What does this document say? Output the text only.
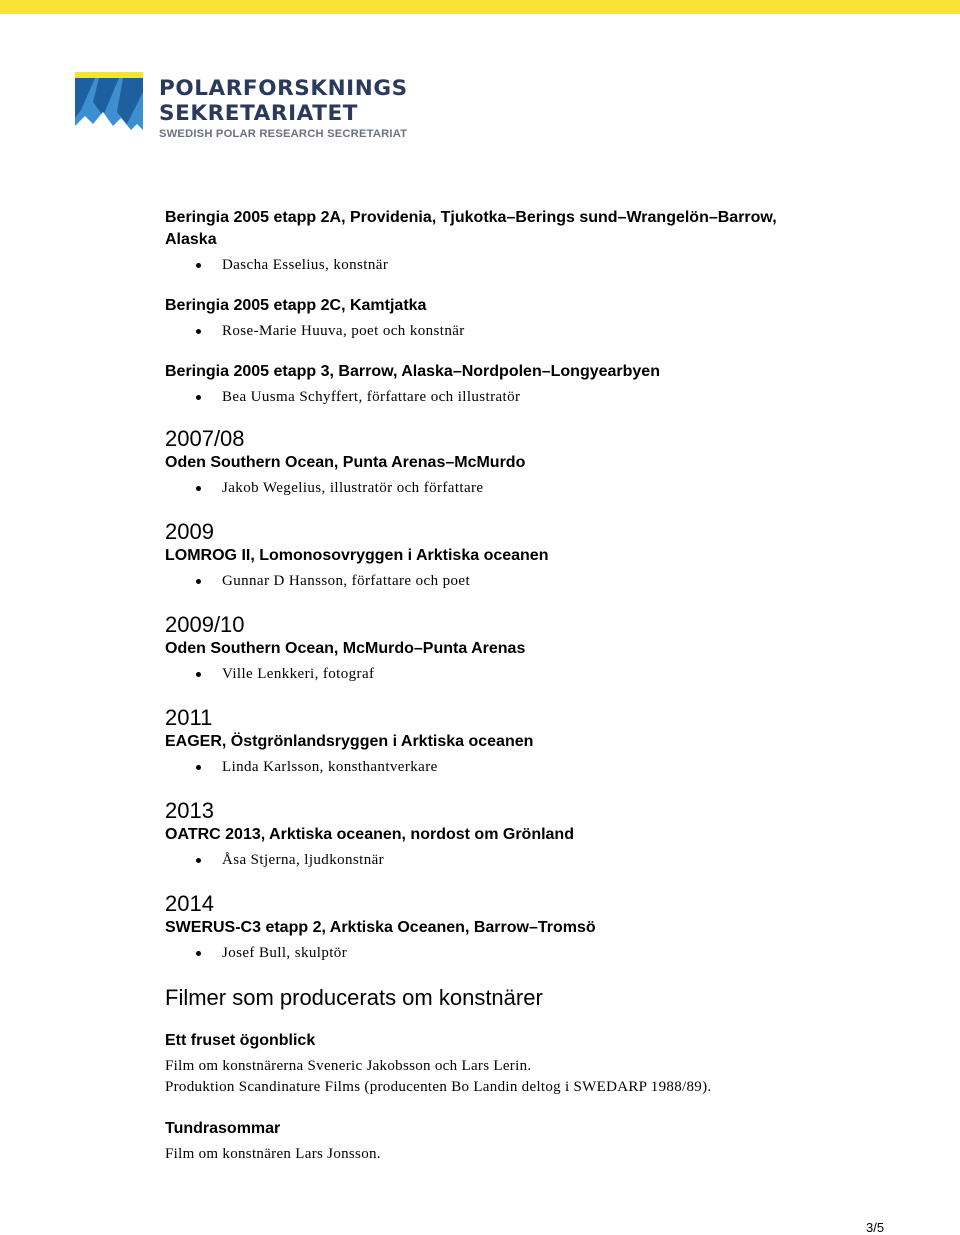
POLARFORSKNINGS
SEKRETARIATET
SWEDISH POLAR RESEARCH SECRETARIAT
Beringia 2005 etapp 2A, Providenia, Tjukotka–Berings sund–Wrangelön–Barrow, Alaska
Dascha Esselius, konstnär
Beringia 2005 etapp 2C, Kamtjatka
Rose-Marie Huuva, poet och konstnär
Beringia 2005 etapp 3, Barrow, Alaska–Nordpolen–Longyearbyen
Bea Uusma Schyffert, författare och illustratör
2007/08
Oden Southern Ocean, Punta Arenas–McMurdo
Jakob Wegelius, illustratör och författare
2009
LOMROG II, Lomonosovryggen i Arktiska oceanen
Gunnar D Hansson, författare och poet
2009/10
Oden Southern Ocean, McMurdo–Punta Arenas
Ville Lenkkeri, fotograf
2011
EAGER, Östgrönlandsryggen i Arktiska oceanen
Linda Karlsson, konsthantverkare
2013
OATRC 2013, Arktiska oceanen, nordost om Grönland
Åsa Stjerna, ljudkonstnär
2014
SWERUS-C3 etapp 2, Arktiska Oceanen, Barrow–Tromsö
Josef Bull, skulptör
Filmer som producerats om konstnärer
Ett fruset ögonblick

Film om konstnärerna Sveneric Jakobsson och Lars Lerin.

Produktion Scandinature Films (producenten Bo Landin deltog i SWEDARP 1988/89).

Tundrasommar

Film om konstnären Lars Jonsson.

3/5
